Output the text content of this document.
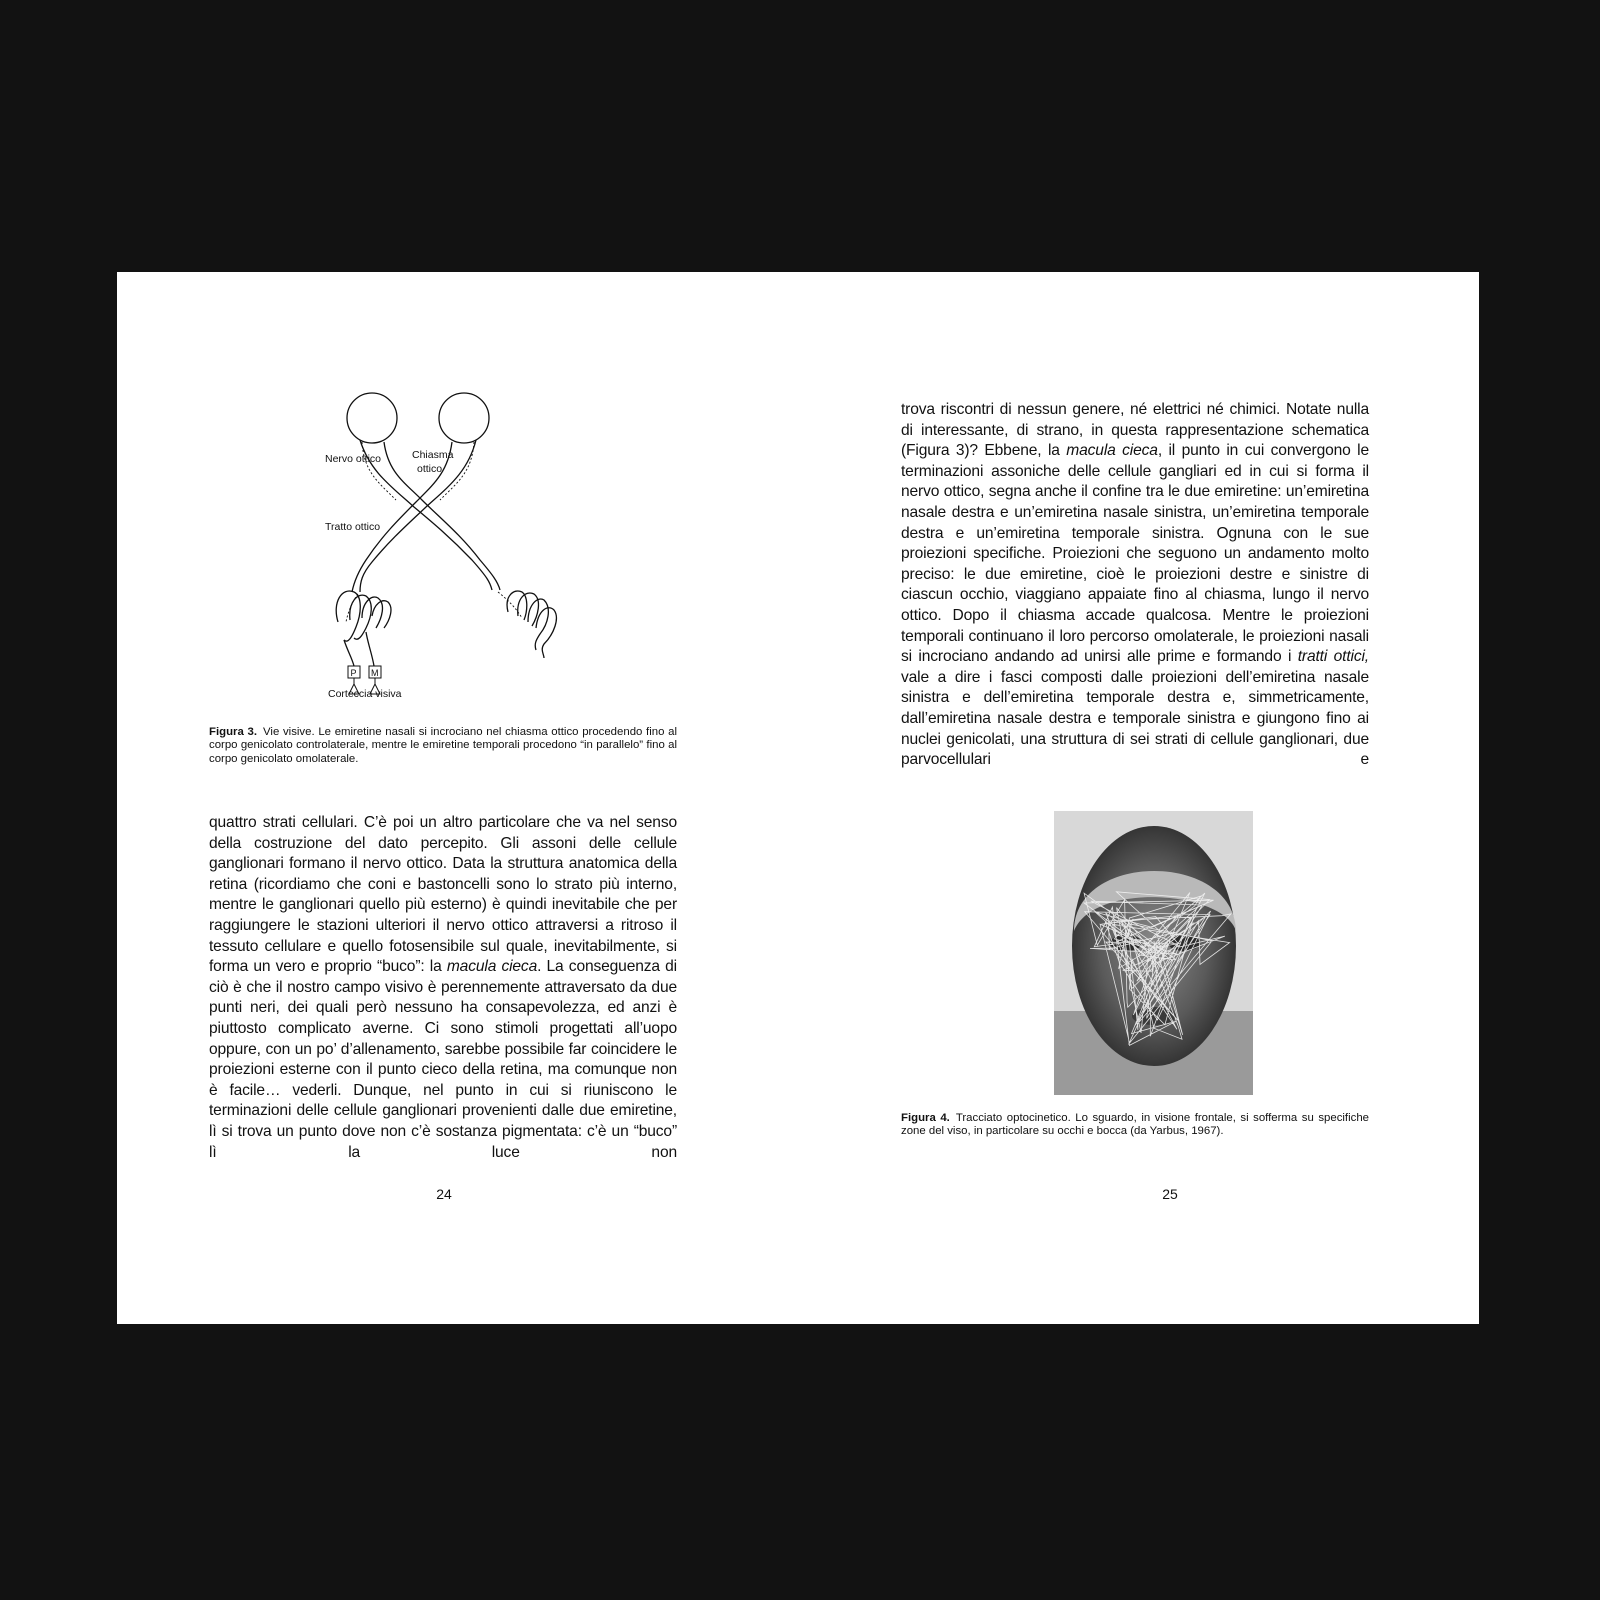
Nervo ottico	Chiasma
ottico
Tratto ottico
P M
Corteccia visiva
Figura 3. Vie visive. Le emiretine nasali si incrociano nel chiasma ottico procedendo fino al corpo genicolato controlaterale, mentre le emiretine temporali procedono “in parallelo” fino al corpo genicolato omolaterale.

quattro strati cellulari. C’è poi un altro particolare che va nel senso della costruzione del dato percepito. Gli assoni delle cellule ganglionari formano il nervo ottico. Data la struttura anatomica della retina (ricordiamo che coni e bastoncelli sono lo strato più interno, mentre le ganglionari quello più esterno) è quindi inevitabile che per raggiungere le stazioni ulteriori il nervo ottico attraversi a ritroso il tessuto cellulare e quello fotosensibile sul quale, inevitabilmente, si forma un vero e proprio “buco”: la macula cieca. La conseguenza di ciò è che il nostro campo visivo è perennemente attraversato da due punti neri, dei quali però nessuno ha consapevolezza, ed anzi è piuttosto complicato averne. Ci sono stimoli progettati all’uopo oppure, con un po’ d’allenamento, sarebbe possibile far coincidere le proiezioni esterne con il punto cieco della retina, ma comunque non è facile… vederli. Dunque, nel punto in cui si riuniscono le terminazioni delle cellule ganglionari provenienti dalle due emiretine, lì si trova un punto dove non c’è sostanza pigmentata: c’è un “buco” lì la luce non

24

trova riscontri di nessun genere, né elettrici né chimici. Notate nulla di interessante, di strano, in questa rappresentazione schematica (Figura 3)? Ebbene, la macula cieca, il punto in cui convergono le terminazioni assoniche delle cellule gangliari ed in cui si forma il nervo ottico, segna anche il confine tra le due emiretine: un’emiretina nasale destra e un’emiretina nasale sinistra, un’emiretina temporale destra e un’emiretina temporale sinistra. Ognuna con le sue proiezioni specifiche. Proiezioni che seguono un andamento molto preciso: le due emiretine, cioè le proiezioni destre e sinistre di ciascun occhio, viaggiano appaiate fino al chiasma, lungo il nervo ottico. Dopo il chiasma accade qualcosa. Mentre le proiezioni temporali continuano il loro percorso omolaterale, le proiezioni nasali si incrociano andando ad unirsi alle prime e formando i tratti ottici, vale a dire i fasci composti dalle proiezioni dell’emiretina nasale sinistra e dell’emiretina temporale destra e, simmetricamente, dall’emiretina nasale destra e temporale sinistra e giungono fino ai nuclei genicolati, una struttura di sei strati di cellule ganglionari, due parvocellulari e

Figura 4. Tracciato optocinetico. Lo sguardo, in visione frontale, si sofferma su specifiche zone del viso, in particolare su occhi e bocca (da Yarbus, 1967).
25
